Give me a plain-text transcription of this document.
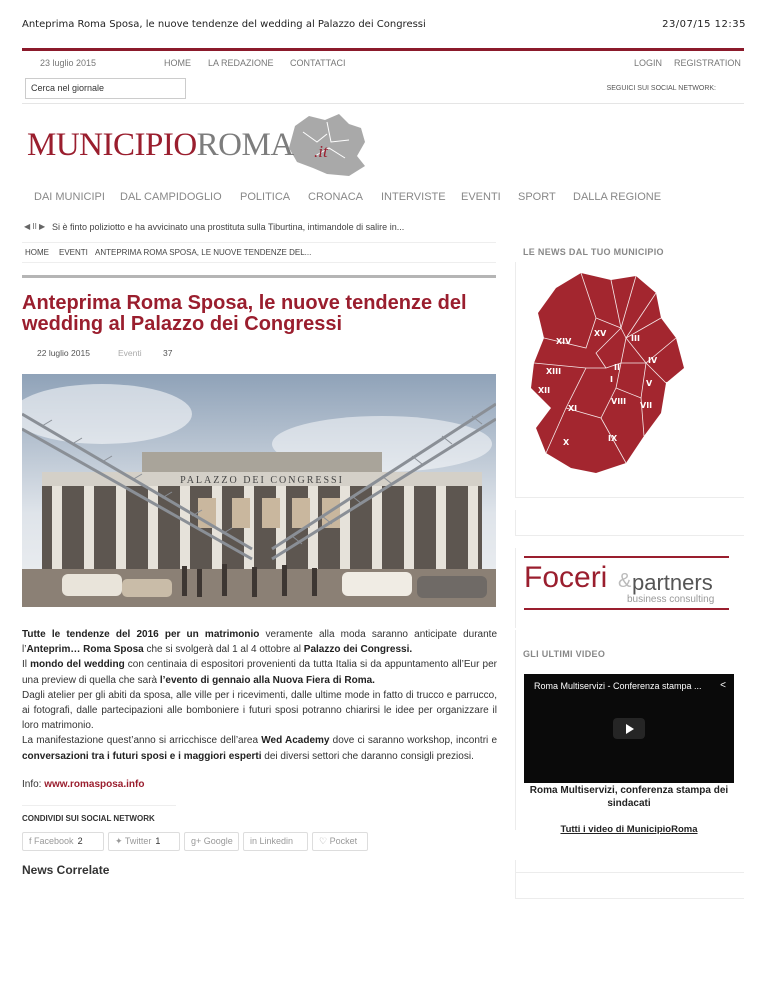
Anteprima Roma Sposa, le nuove tendenze del wedding al Palazzo dei Congressi	23/07/15 12:35
23 luglio 2015	HOME LA REDAZIONE CONTATTACI	LOGIN REGISTRATION
Cerca nel giornale	SEGUICI SUI SOCIAL NETWORK:
MUNICIPIOROMA .it
DAI MUNICIPI DAL CAMPIDOGLIO POLITICA CRONACA INTERVISTE EVENTI SPORT DALLA REGIONE
◀ II ▶ Si è finto poliziotto e ha avvicinato una prostituta sulla Tiburtina, intimandole di salire in...
HOME EVENTI ANTEPRIMA ROMA SPOSA, LE NUOVE TENDENZE DEL...
Anteprima Roma Sposa, le nuove tendenze del wedding al Palazzo dei Congressi
22 luglio 2015	Eventi	37
PALAZZO DEI CONGRESSI
Tutte le tendenze del 2016 per un matrimonio veramente alla moda saranno anticipate durante l’Anteprim… Roma Sposa che si svolgerà dal 1 al 4 ottobre al Palazzo dei Congressi.
Il mondo del wedding con centinaia di espositori provenienti da tutta Italia si da appuntamento all’Eur per una preview di quella che sarà l’evento di gennaio alla Nuova Fiera di Roma.
Dagli atelier per gli abiti da sposa, alle ville per i ricevimenti, dalle ultime mode in fatto di trucco e parrucco, ai fotografi, dalle partecipazioni alle bomboniere i futuri sposi potranno chiarirsi le idee per organizzare il loro matrimonio.
La manifestazione quest’anno si arricchisce dell’area Wed Academy dove ci saranno workshop, incontri e conversazioni tra i futuri sposi e i maggiori esperti dei diversi settori che daranno consigli preziosi.
Info: www.romasposa.info
CONDIVIDI SUI SOCIAL NETWORK
f Facebook 2	✦ Twitter 1	g+ Google	in Linkedin	♡ Pocket
News Correlate
LE NEWS DAL TUO MUNICIPIO
XIV
XV
III
XIII	II
IV
I	V VI
XII
VIII VII
XI
IX
X
Foceri & partners
business consulting
GLI ULTIMI VIDEO
Roma Multiservizi - Conferenza stampa ... <
Roma Multiservizi, conferenza stampa dei sindacati
Tutti i video di MunicipioRoma
